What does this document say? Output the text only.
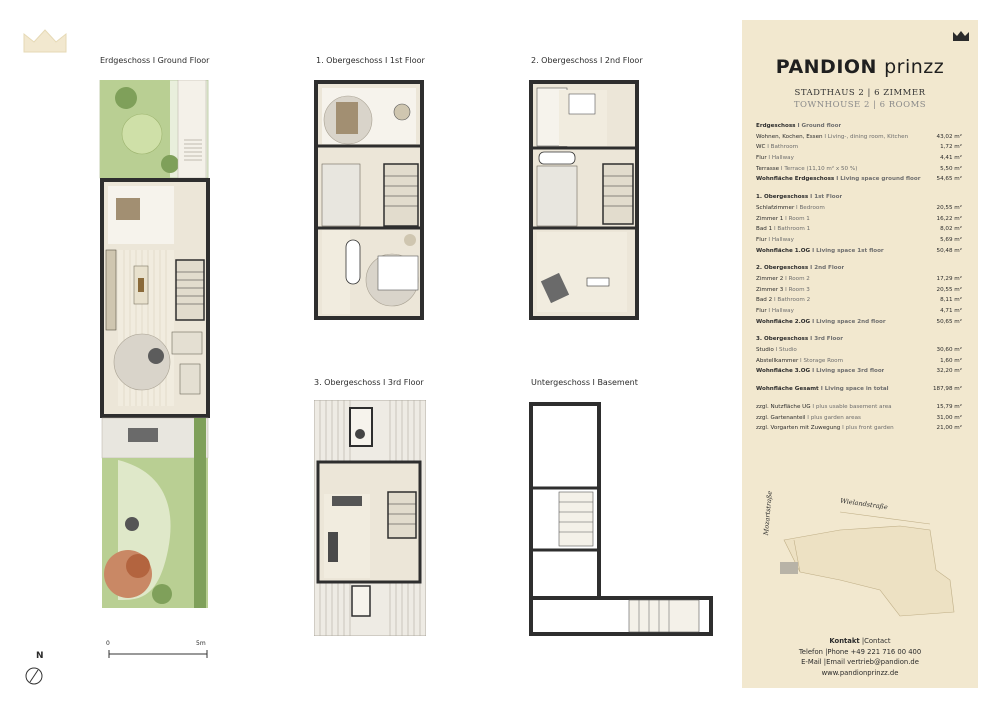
Erdgeschoss I Ground Floor	1. Obergeschoss I 1st Floor	2. Obergeschoss I 2nd Floor
3. Obergeschoss I 3rd Floor	Untergeschoss I Basement
0	5m
N
PANDION prinzz
STADTHAUS 2 | 6 ZIMMER
TOWNHOUSE 2 | 6 ROOMS
Erdgeschoss I Ground floor
Wohnen, Kochen, Essen I Living-, dining room, Kitchen	43,02 m²
WC I Bathroom	1,72 m²
Flur I Hallway	4,41 m²
Terrasse I Terrace (11,10 m² x 50 %)	5,50 m²
Wohnfläche Erdgeschoss I Living space ground floor	54,65 m²
1. Obergeschoss I 1st Floor
Schlafzimmer I Bedroom	20,55 m²
Zimmer 1 I Room 1	16,22 m²
Bad 1 I Bathroom 1	8,02 m²
Flur I Hallway	5,69 m²
Wohnfläche 1.OG I Living space 1st floor	50,48 m²
2. Obergeschoss I 2nd Floor
Zimmer 2 I Room 2	17,29 m²
Zimmer 3 I Room 3	20,55 m²
Bad 2 I Bathroom 2	8,11 m²
Flur I Hallway	4,71 m²
Wohnfläche 2.OG I Living space 2nd floor	50,65 m²
3. Obergeschoss I 3rd Floor
Studio I Studio	30,60 m²
Abstellkammer I Storage Room	1,60 m²
Wohnfläche 3.OG I Living space 3rd floor	32,20 m²
Wohnfläche Gesamt I Living space in total	187,98 m²
zzgl. Nutzfläche UG I plus usable basement area	15,79 m²
zzgl. Gartenanteil I plus garden areas	31,00 m²
zzgl. Vorgarten mit Zuwegung I plus front garden	21,00 m²
Wielandstraße
Mozartstraße
Kontakt |Contact
Telefon |Phone +49 221 716 00 400
E-Mail |Email vertrieb@pandion.de
www.pandionprinzz.de
